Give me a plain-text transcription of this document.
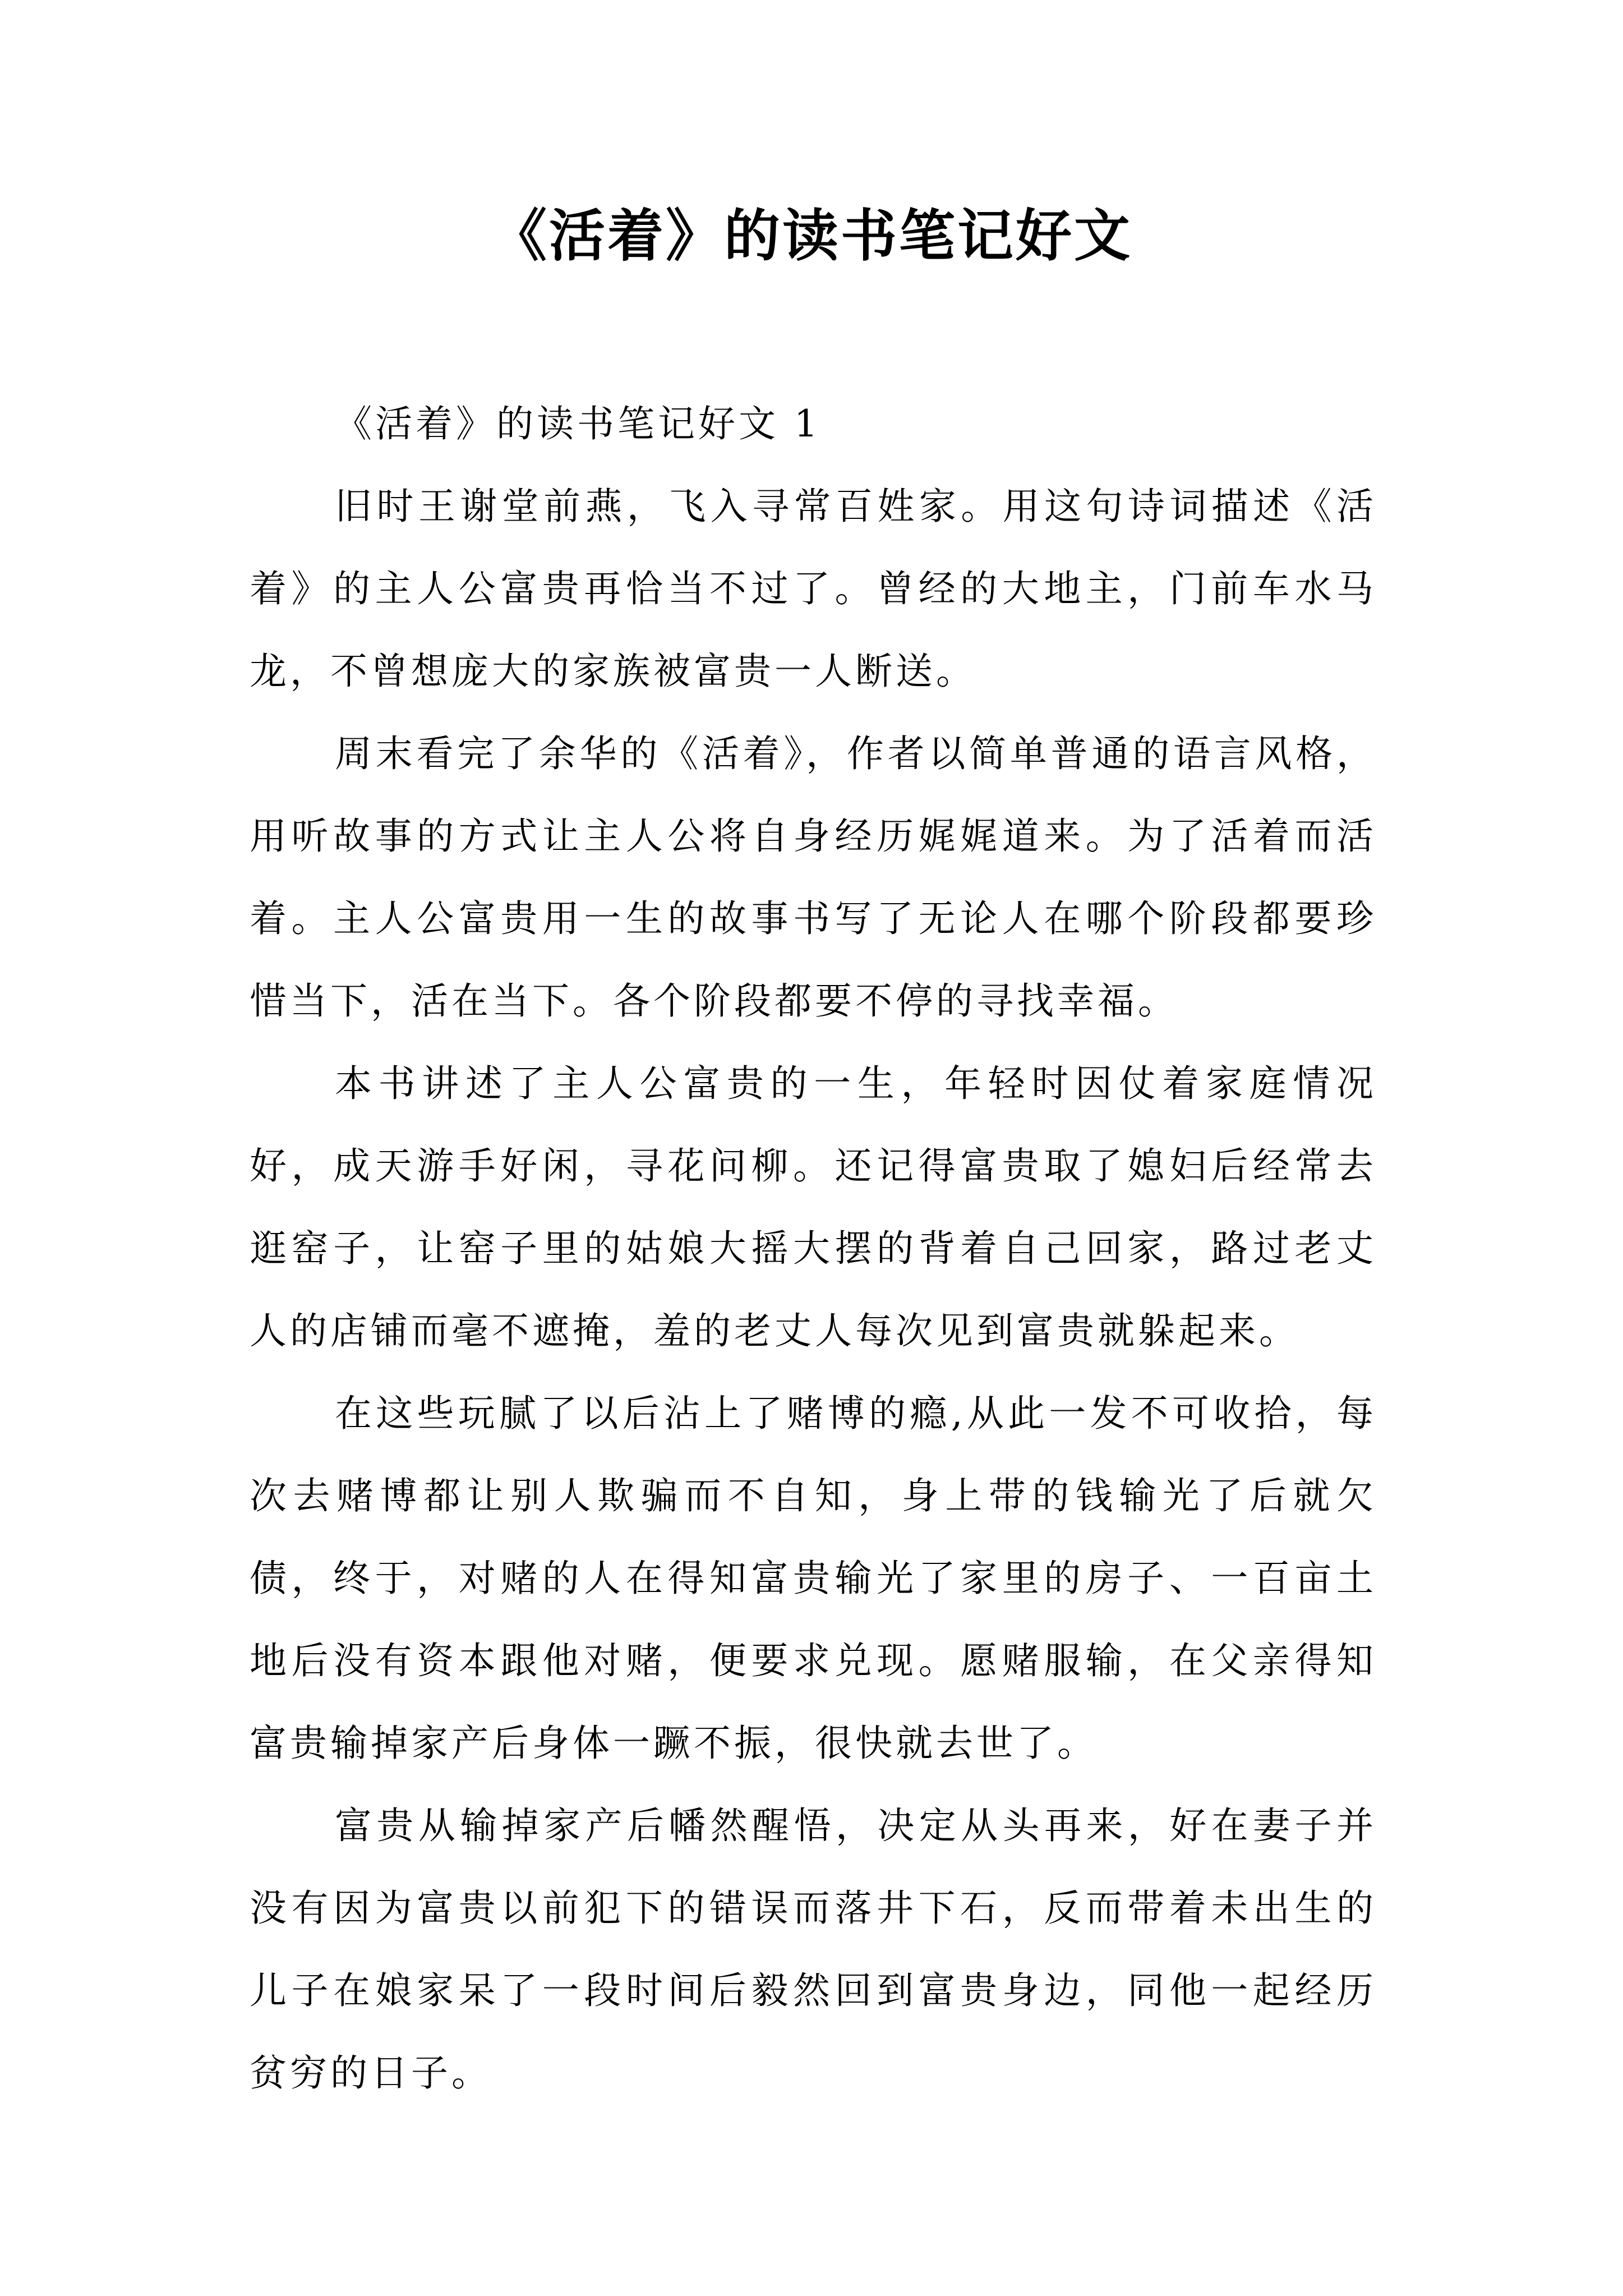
《活着》的读书笔记好文
《活着》的读书笔记好文 1

旧时王谢堂前燕，飞入寻常百姓家。用这句诗词描述《活着》的主人公富贵再恰当不过了。曾经的大地主，门前车水马龙，不曾想庞大的家族被富贵一人断送。

周末看完了余华的《活着》，作者以简单普通的语言风格，用听故事的方式让主人公将自身经历娓娓道来。为了活着而活着。主人公富贵用一生的故事书写了无论人在哪个阶段都要珍惜当下，活在当下。各个阶段都要不停的寻找幸福。

本书讲述了主人公富贵的一生，年轻时因仗着家庭情况好，成天游手好闲，寻花问柳。还记得富贵取了媳妇后经常去逛窑子，让窑子里的姑娘大摇大摆的背着自己回家，路过老丈人的店铺而毫不遮掩，羞的老丈人每次见到富贵就躲起来。

在这些玩腻了以后沾上了赌博的瘾,从此一发不可收拾，每次去赌博都让别人欺骗而不自知，身上带的钱输光了后就欠债，终于，对赌的人在得知富贵输光了家里的房子、一百亩土地后没有资本跟他对赌，便要求兑现。愿赌服输，在父亲得知富贵输掉家产后身体一蹶不振，很快就去世了。

富贵从输掉家产后幡然醒悟，决定从头再来，好在妻子并没有因为富贵以前犯下的错误而落井下石，反而带着未出生的儿子在娘家呆了一段时间后毅然回到富贵身边，同他一起经历贫穷的日子。
